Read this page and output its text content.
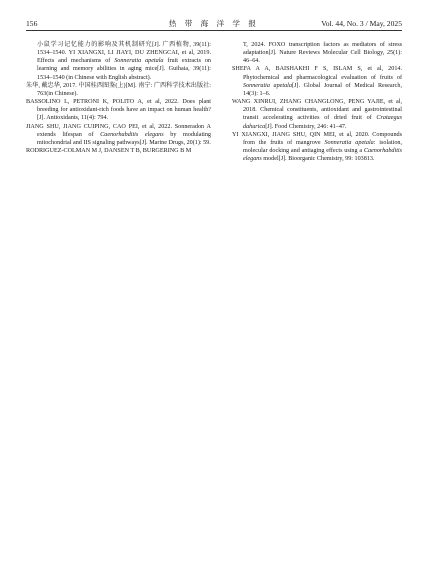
156	热 带 海 洋 学 报	Vol. 44, No. 3 / May, 2025

小鼠学习记忆能力的影响及其机制研究[J]. 广西植物, 39(11): 1534–1540. YI XIANGXI, LI JIAYI, DU ZHENGCAI, et al, 2019. Effects and mechanisms of Sonneratia apetala fruit extracts on learning and memory abilities in aging mice[J]. Guihaia, 39(11): 1534–1540 (in Chinese with English abstract).

朱华, 戴忠华, 2017. 中国桂西图鉴(上)[M]. 南宁: 广西科学技术出版社: 763(in Chinese).

BASSOLINO L, PETRONI K, POLITO A, et al, 2022. Does plant breeding for antioxidant-rich foods have an impact on human health?[J]. Antioxidants, 11(4): 794.

JIANG SHU, JIANG CUIPING, CAO PEI, et al, 2022. Sonneradon A extends lifespan of Caenorhabditis elegans by modulating mitochondrial and IIS signaling pathways[J]. Marine Drugs, 20(1): 59.

RODRIGUEZ-COLMAN M J, DANSEN T B, BURGERING B M

T, 2024. FOXO transcription factors as mediators of stress adaptation[J]. Nature Reviews Molecular Cell Biology, 25(1): 46–64.

SHEFA A A, BAISHAKHI F S, ISLAM S, et al, 2014. Phytochemical and pharmacological evaluation of fruits of Sonneratia apetala[J]. Global Journal of Medical Research, 14(3): 1–6.

WANG XINRUI, ZHANG CHANGLONG, PENG YAJIE, et al, 2018. Chemical constituents, antioxidant and gastrointestinal transit accelerating activities of dried fruit of Crataegus dahurica[J]. Food Chemistry, 246: 41–47.

YI XIANGXI, JIANG SHU, QIN MEI, et al, 2020. Compounds from the fruits of mangrove Sonneratia apetala: isolation, molecular docking and antiaging effects using a Caenorhabditis elegans model[J]. Bioorganic Chemistry, 99: 103813.
